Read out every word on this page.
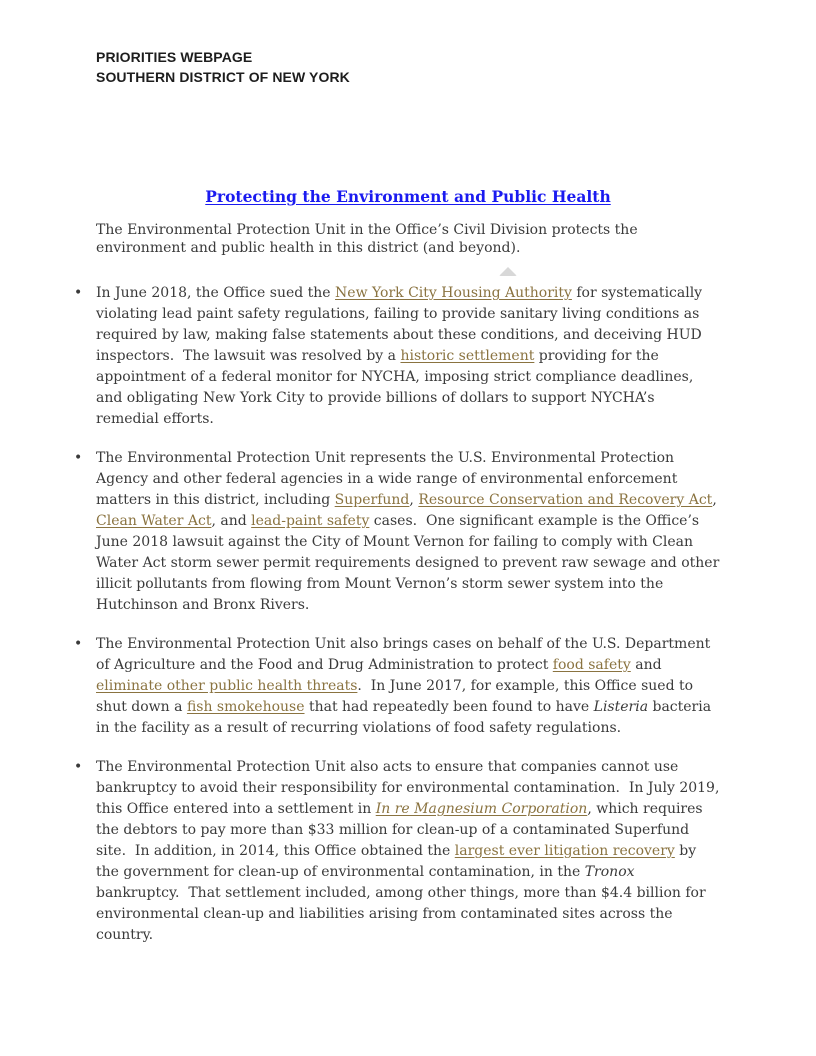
PRIORITIES WEBPAGE
SOUTHERN DISTRICT OF NEW YORK
Protecting the Environment and Public Health

The Environmental Protection Unit in the Office’s Civil Division protects the environment and public health in this district (and beyond).

• In June 2018, the Office sued the New York City Housing Authority for systematically violating lead paint safety regulations, failing to provide sanitary living conditions as required by law, making false statements about these conditions, and deceiving HUD inspectors.  The lawsuit was resolved by a historic settlement providing for the appointment of a federal monitor for NYCHA, imposing strict compliance deadlines, and obligating New York City to provide billions of dollars to support NYCHA’s remedial efforts.
• The Environmental Protection Unit represents the U.S. Environmental Protection Agency and other federal agencies in a wide range of environmental enforcement matters in this district, including Superfund, Resource Conservation and Recovery Act, Clean Water Act, and lead-paint safety cases.  One significant example is the Office’s June 2018 lawsuit against the City of Mount Vernon for failing to comply with Clean Water Act storm sewer permit requirements designed to prevent raw sewage and other illicit pollutants from flowing from Mount Vernon’s storm sewer system into the Hutchinson and Bronx Rivers.
• The Environmental Protection Unit also brings cases on behalf of the U.S. Department of Agriculture and the Food and Drug Administration to protect food safety and eliminate other public health threats.  In June 2017, for example, this Office sued to shut down a fish smokehouse that had repeatedly been found to have Listeria bacteria in the facility as a result of recurring violations of food safety regulations.
• The Environmental Protection Unit also acts to ensure that companies cannot use bankruptcy to avoid their responsibility for environmental contamination.  In July 2019, this Office entered into a settlement in In re Magnesium Corporation, which requires the debtors to pay more than $33 million for clean-up of a contaminated Superfund site.  In addition, in 2014, this Office obtained the largest ever litigation recovery by the government for clean-up of environmental contamination, in the Tronox bankruptcy.  That settlement included, among other things, more than $4.4 billion for environmental clean-up and liabilities arising from contaminated sites across the country.
